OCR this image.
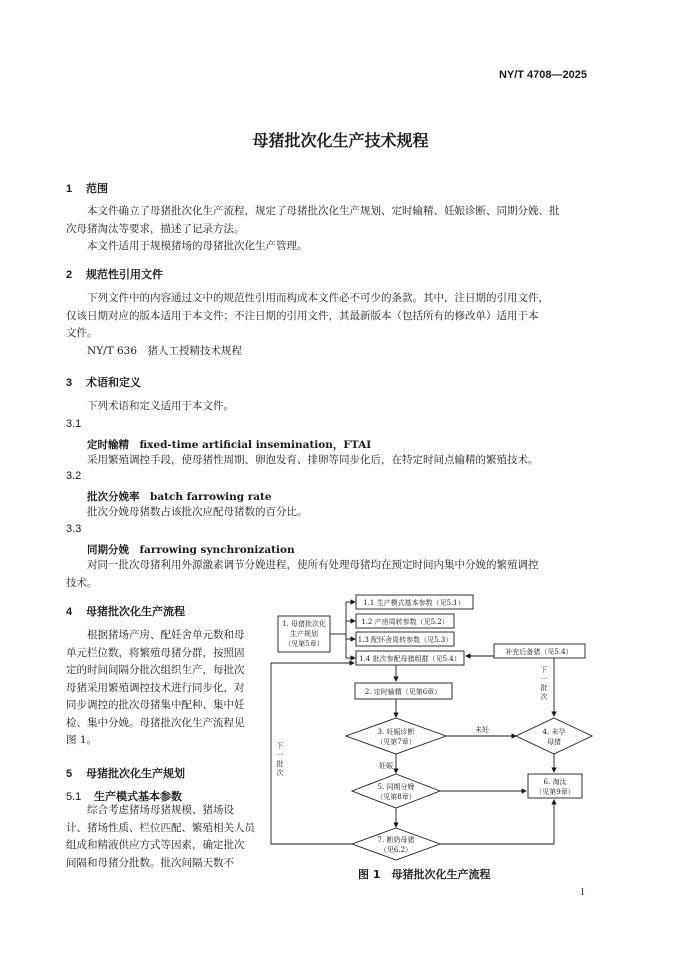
NY/T 4708—2025
母猪批次化生产技术规程
1 范围

本文件确立了母猪批次化生产流程，规定了母猪批次化生产规划、定时输精、妊娠诊断、同期分娩、批

次母猪淘汰等要求，描述了记录方法。

本文件适用于规模猪场的母猪批次化生产管理。

2 规范性引用文件

下列文件中的内容通过文中的规范性引用而构成本文件必不可少的条款。其中，注日期的引用文件，

仅该日期对应的版本适用于本文件；不注日期的引用文件，其最新版本（包括所有的修改单）适用于本

文件。

NY/T 636　 猪人工授精技术规程

3 术语和定义

下列术语和定义适用于本文件。

3.1
定时输精　fixed-time artificial insemination，FTAI
采用繁殖调控手段，使母猪性周期、卵泡发育、排卵等同步化后，在特定时间点输精的繁殖技术。
3.2
批次分娩率　batch farrowing rate
批次分娩母猪数占该批次应配母猪数的百分比。
3.3
同期分娩　farrowing synchronization

对同一批次母猪利用外源激素调节分娩进程，使所有处理母猪均在预定时间内集中分娩的繁殖调控

技术。

4 母猪批次化生产流程

根据猪场产房、配妊舍单元数和母

单元栏位数，将繁殖母猪分群，按照固

定的时间间隔分批次组织生产，每批次

母猪采用繁殖调控技术进行同步化，对

同步调控的批次母猪集中配种、集中妊

检、集中分娩。母猪批次化生产流程见

图 1。

5 母猪批次化生产规划
5.1 生产模式基本参数

综合考虑猪场母猪规模、猪场设

计、猪场性质、栏位匹配、繁殖相关人员

组成和精液供应方式等因素，确定批次

间隔和母猪分批数。批次间隔天数不

1. 母猪批次化
生产规划
（见第5章）
1.1 生产模式基本参数（见5.1）
1.2 产房周转参数（见5.2）
1.3 配怀舍周转参数（见5.3）
1.4 批次参配母猪组群（见5.4）
补充后备猪（见5.4）
下
一
批
次
2. 定时输精（见第6章）
3. 妊娠诊断
（见第7章）
未妊	4. 未孕
母猪
妊娠
5. 同期分娩
（见第8章）
6. 淘汰
（见第9章）
7. 断奶母猪
（见6.2）
下
一
批
次
图 1　母猪批次化生产流程
1
